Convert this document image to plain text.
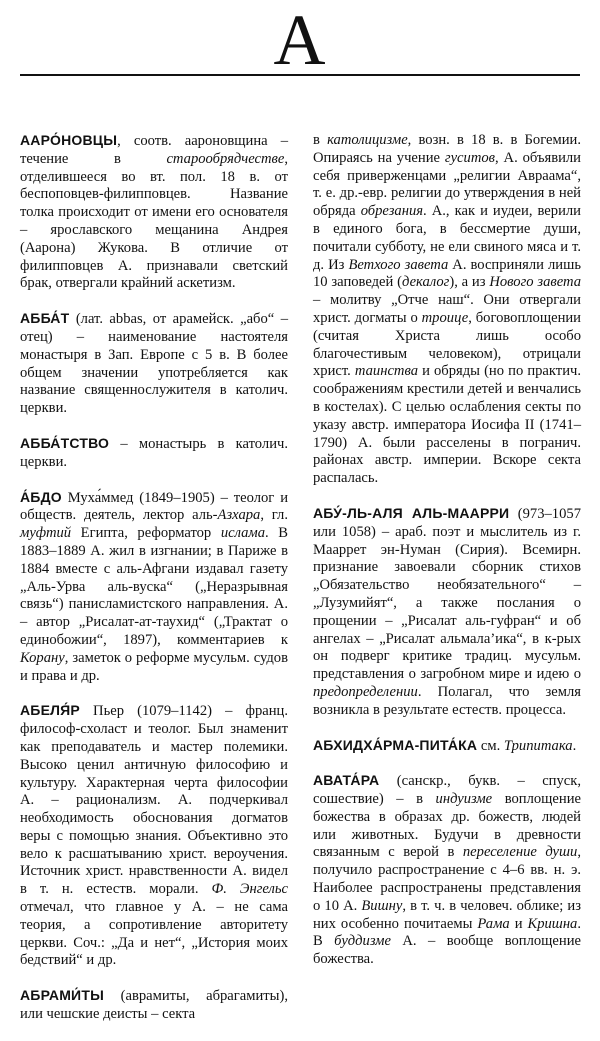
А

ААРО́НОВЦЫ, соотв. аароновщина – течение в старообрядчестве, отделившееся во вт. пол. 18 в. от беспоповцев-филипповцев. Название толка происходит от имени его основателя – ярославского мещанина Андрея (Аарона) Жукова. В отличие от филипповцев А. признавали светский брак, отвергали крайний аскетизм.

АББА́Т (лат. abbas, от арамейск. „або“ – отец) – наименование настоятеля монастыря в Зап. Европе с 5 в. В более общем значении употребляется как название священнослужителя в католич. церкви.

АББА́ТСТВО – монастырь в католич. церкви.

А́БДО Муха́ммед (1849–1905) – теолог и обществ. деятель, лектор аль-Азхара, гл. муфтий Египта, реформатор ислама. В 1883–1889 А. жил в изгнании; в Париже в 1884 вместе с аль-Афгани издавал газету „Аль-Урва аль-вуска“ („Неразрывная связь“) панисламистского направления. А. – автор „Рисалат-ат-таухид“ („Трактат о единобожии“, 1897), комментариев к Корану, заметок о реформе мусульм. судов и права и др.

АБЕЛЯ́Р Пьер (1079–1142) – франц. философ-схоласт и теолог. Был знаменит как преподаватель и мастер полемики. Высоко ценил античную философию и культуру. Характерная черта философии А. – рационализм. А. подчеркивал необходимость обоснования догматов веры с помощью знания. Объективно это вело к расшатыванию христ. вероучения. Источник христ. нравственности А. видел в т. н. естеств. морали. Ф. Энгельс отмечал, что главное у А. – не сама теория, а сопротивление авторитету церкви. Соч.: „Да и нет“, „История моих бедствий“ и др.

АБРАМИ́ТЫ (аврамиты, абрагамиты), или чешские деисты – секта

в католицизме, возн. в 18 в. в Богемии. Опираясь на учение гуситов, А. объявили себя приверженцами „религии Авраама“, т. е. др.-евр. религии до утверждения в ней обряда обрезания. А., как и иудеи, верили в единого бога, в бессмертие души, почитали субботу, не ели свиного мяса и т. д. Из Ветхого завета А. восприняли лишь 10 заповедей (декалог), а из Нового завета – молитву „Отче наш“. Они отвергали христ. догматы о троице, боговоплощении (считая Христа лишь особо благочестивым человеком), отрицали христ. таинства и обряды (но по практич. соображениям крестили детей и венчались в костелах). С целью ослабления секты по указу австр. императора Иосифа II (1741–1790) А. были расселены в погранич. районах австр. империи. Вскоре секта распалась.

АБУ́-ЛЬ-АЛЯ АЛЬ-МААРРИ (973–1057 или 1058) – араб. поэт и мыслитель из г. Мааррет эн-Нуман (Сирия). Всемирн. признание завоевали сборник стихов „Обязательство необязательного“ – „Лузумийят“, а также послания о прощении – „Рисалат аль-гуфран“ и об ангелах – „Рисалат альмала’ика“, в к-рых он подверг критике традиц. мусульм. представления о загробном мире и идею о предопределении. Полагал, что земля возникла в результате естеств. процесса.

АБХИДХА́РМА-ПИТА́КА см. Трипитака.

АВАТА́РА (санскр., букв. – спуск, сошествие) – в индуизме воплощение божества в образах др. божеств, людей или животных. Будучи в древности связанным с верой в переселение души, получило распространение с 4–6 вв. н. э. Наиболее распространены представления о 10 А. Вишну, в т. ч. в человеч. облике; из них особенно почитаемы Рама и Кришна. В буддизме А. – вообще воплощение божества.
